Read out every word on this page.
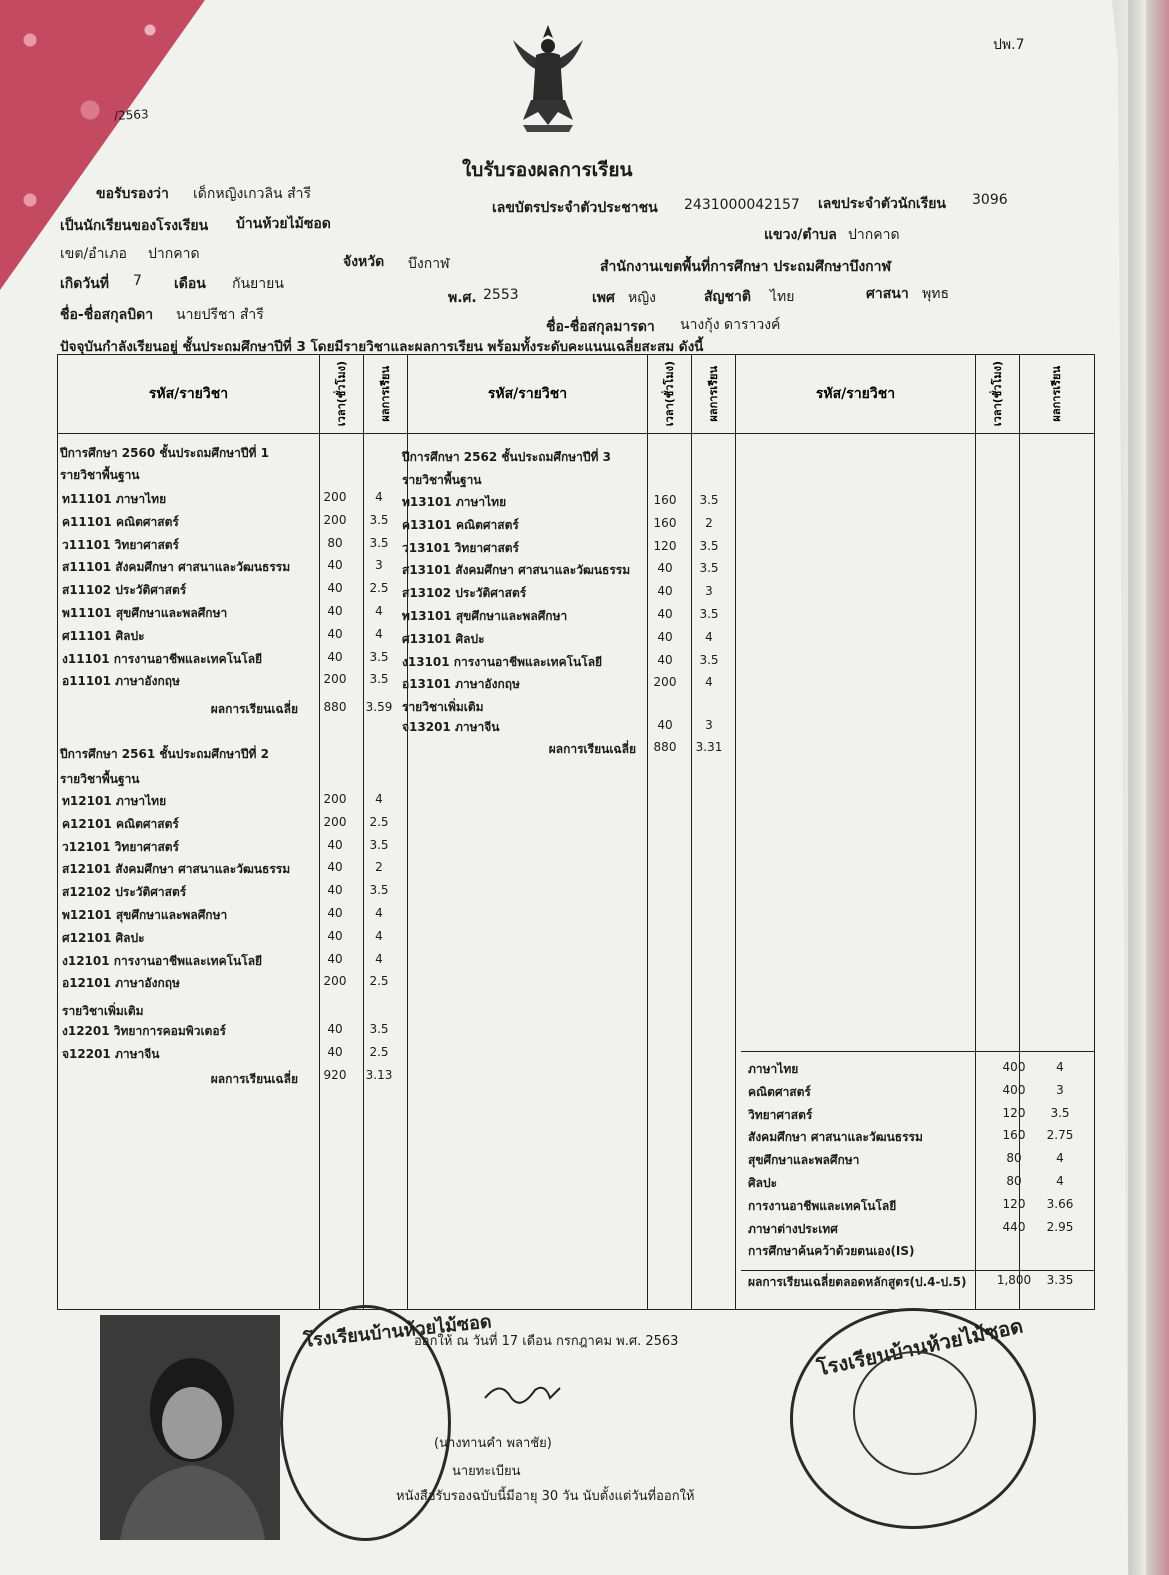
ปพ.7
/2563
ใบรับรองผลการเรียน
ขอรับรองว่า เด็กหญิงเกวลิน สำรี
เป็นนักเรียนของโรงเรียน บ้านห้วยไม้ซอด
เลขบัตรประจำตัวประชาชน 2431000042157 เลขประจำตัวนักเรียน 3096
เขต/อำเภอ ปากคาด
แขวง/ตำบล ปากคาด
จังหวัด บึงกาฬ	สำนักงานเขตพื้นที่การศึกษา ประถมศึกษาบึงกาฬ
เกิดวันที่ 7 เดือน กันยายน
พ.ศ. 2553	เพศ หญิง	สัญชาติ ไทย	ศาสนา พุทธ
ชื่อ-ชื่อสกุลบิดา นายปรีชา สำรี
ชื่อ-ชื่อสกุลมารดา นางกุ้ง ดาราวงค์
ปัจจุบันกำลังเรียนอยู่ ชั้นประถมศึกษาปีที่ 3 โดยมีรายวิชาและผลการเรียน พร้อมทั้งระดับคะแนนเฉลี่ยสะสม ดังนี้
รหัส/รายวิชา	เวลา(ชั่วโมง)	ผลการเรียน	รหัส/รายวิชา	เวลา(ชั่วโมง)	ผลการเรียน	รหัส/รายวิชา	เวลา(ชั่วโมง)	ผลการเรียน

ปีการศึกษา 2560 ชั้นประถมศึกษาปีที่ 1
รายวิชาพื้นฐาน
ท11101 ภาษาไทย	200	4
ค11101 คณิตศาสตร์	200	3.5
ว11101 วิทยาศาสตร์	80	3.5
ส11101 สังคมศึกษา ศาสนาและวัฒนธรรม	40	3
ส11102 ประวัติศาสตร์	40	2.5
พ11101 สุขศึกษาและพลศึกษา	40	4
ศ11101 ศิลปะ	40	4
ง11101 การงานอาชีพและเทคโนโลยี	40	3.5
อ11101 ภาษาอังกฤษ	200	3.5
ผลการเรียนเฉลี่ย	880	3.59
ปีการศึกษา 2561 ชั้นประถมศึกษาปีที่ 2
รายวิชาพื้นฐาน
ท12101 ภาษาไทย	200	4
ค12101 คณิตศาสตร์	200	2.5
ว12101 วิทยาศาสตร์	40	3.5
ส12101 สังคมศึกษา ศาสนาและวัฒนธรรม	40	2
ส12102 ประวัติศาสตร์	40	3.5
พ12101 สุขศึกษาและพลศึกษา	40	4
ศ12101 ศิลปะ	40	4
ง12101 การงานอาชีพและเทคโนโลยี	40	4
อ12101 ภาษาอังกฤษ	200	2.5
รายวิชาเพิ่มเติม
ง12201 วิทยาการคอมพิวเตอร์	40	3.5
จ12201 ภาษาจีน	40	2.5
ผลการเรียนเฉลี่ย	920	3.13
ปีการศึกษา 2562 ชั้นประถมศึกษาปีที่ 3
รายวิชาพื้นฐาน
ท13101 ภาษาไทย	160	3.5
ค13101 คณิตศาสตร์	160	2
ว13101 วิทยาศาสตร์	120	3.5
ส13101 สังคมศึกษา ศาสนาและวัฒนธรรม	40	3.5
ส13102 ประวัติศาสตร์	40	3
พ13101 สุขศึกษาและพลศึกษา	40	3.5
ศ13101 ศิลปะ	40	4
ง13101 การงานอาชีพและเทคโนโลยี	40	3.5
อ13101 ภาษาอังกฤษ	200	4
รายวิชาเพิ่มเติม
จ13201 ภาษาจีน	40	3
ผลการเรียนเฉลี่ย	880	3.31
ภาษาไทย	400	4
คณิตศาสตร์	400	3
วิทยาศาสตร์	120	3.5
สังคมศึกษา ศาสนาและวัฒนธรรม	160	2.75
สุขศึกษาและพลศึกษา	80	4
ศิลปะ	80	4
การงานอาชีพและเทคโนโลยี	120	3.66
ภาษาต่างประเทศ	440	2.95
การศึกษาค้นคว้าด้วยตนเอง(IS)
ผลการเรียนเฉลี่ยตลอดหลักสูตร(ป.4-ป.5)	1,800	3.35
โรงเรียนบ้านห้วยไม้ซอด	โรงเรียนบ้านห้วยไม้ซอด
ออกให้ ณ วันที่ 17 เดือน กรกฎาคม พ.ศ. 2563
(นางทานคำ พลาชัย)
นายทะเบียน
หนังสือรับรองฉบับนี้มีอายุ 30 วัน นับตั้งแต่วันที่ออกให้
